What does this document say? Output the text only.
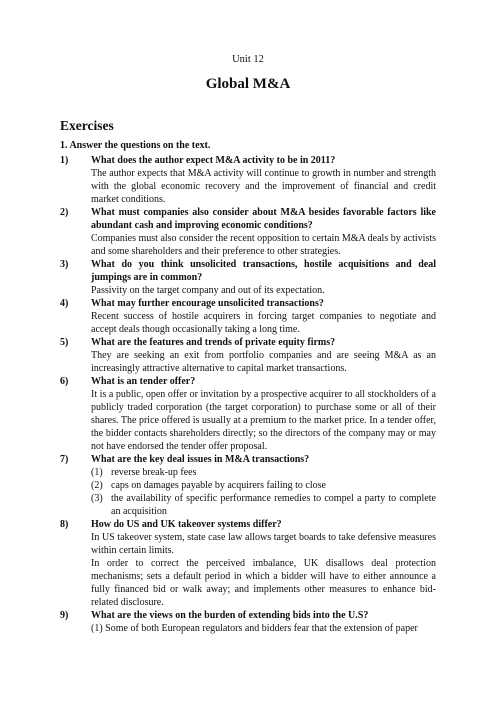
Unit 12
Global M&A
Exercises
1. Answer the questions on the text.
1)	What does the author expect M&A activity to be in 2011?
The author expects that M&A activity will continue to growth in number and strength with the global economic recovery and the improvement of financial and credit market conditions.
2)	What must companies also consider about M&A besides favorable factors like abundant cash and improving economic conditions?
Companies must also consider the recent opposition to certain M&A deals by activists and some shareholders and their preference to other strategies.
3)	What do you think unsolicited transactions, hostile acquisitions and deal jumpings are in common?
Passivity on the target company and out of its expectation.
4)	What may further encourage unsolicited transactions?
Recent success of hostile acquirers in forcing target companies to negotiate and accept deals though occasionally taking a long time.
5)	What are the features and trends of private equity firms?
They are seeking an exit from portfolio companies and are seeing M&A as an increasingly attractive alternative to capital market transactions.
6)	What is an tender offer?
It is a public, open offer or invitation by a prospective acquirer to all stockholders of a publicly traded corporation (the target corporation) to purchase some or all of their shares. The price offered is usually at a premium to the market price. In a tender offer, the bidder contacts shareholders directly; so the directors of the company may or may not have endorsed the tender offer proposal.
7)	What are the key deal issues in M&A transactions?
(1) reverse break-up fees
(2) caps on damages payable by acquirers failing to close
(3) the availability of specific performance remedies to compel a party to complete an acquisition
8)	How do US and UK takeover systems differ?
In US takeover system, state case law allows target boards to take defensive measures within certain limits.
In order to correct the perceived imbalance, UK disallows deal protection mechanisms; sets a default period in which a bidder will have to either announce a fully financed bid or walk away; and implements other measures to enhance bid-related disclosure.
9)	What are the views on the burden of extending bids into the U.S?
(1) Some of both European regulators and bidders fear that the extension of paper
